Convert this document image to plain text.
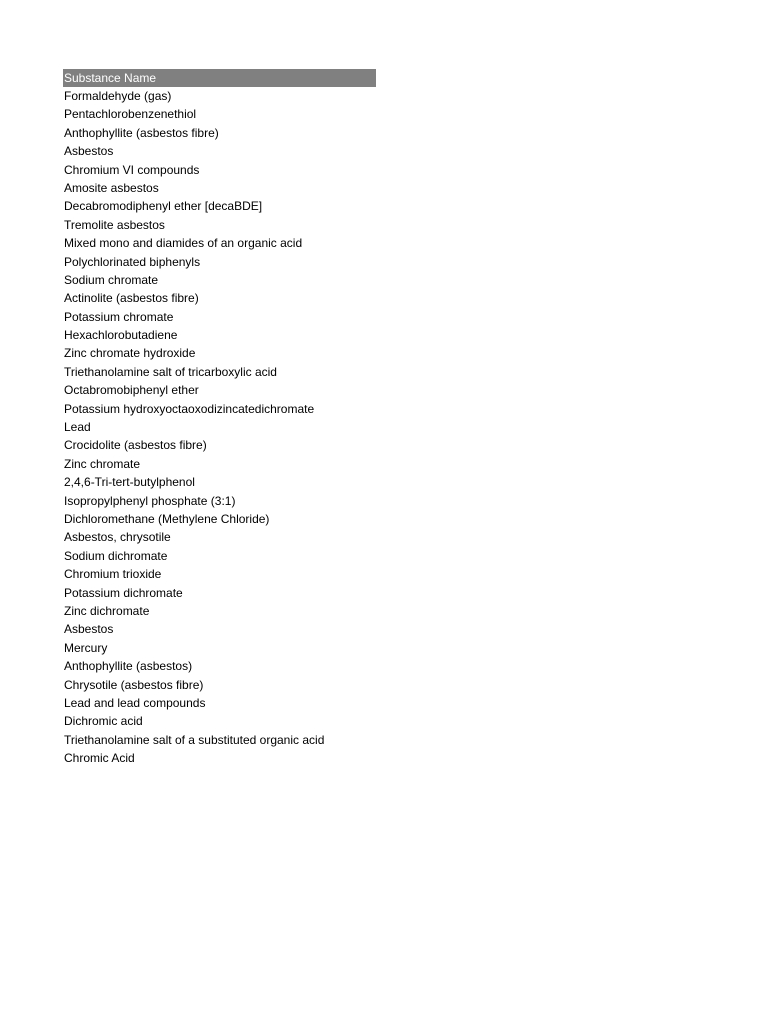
Substance Name
Formaldehyde (gas)
Pentachlorobenzenethiol
Anthophyllite (asbestos fibre)
Asbestos
Chromium VI compounds
Amosite asbestos
Decabromodiphenyl ether [decaBDE]
Tremolite asbestos
Mixed mono and diamides of an organic acid
Polychlorinated biphenyls
Sodium chromate
Actinolite (asbestos fibre)
Potassium chromate
Hexachlorobutadiene
Zinc chromate hydroxide
Triethanolamine salt of tricarboxylic acid
Octabromobiphenyl ether
Potassium hydroxyoctaoxodizincatedichromate
Lead
Crocidolite (asbestos fibre)
Zinc chromate
2,4,6-Tri-tert-butylphenol
Isopropylphenyl phosphate (3:1)
Dichloromethane (Methylene Chloride)
Asbestos, chrysotile
Sodium dichromate
Chromium trioxide
Potassium dichromate
Zinc dichromate
Asbestos
Mercury
Anthophyllite (asbestos)
Chrysotile (asbestos fibre)
Lead and lead compounds
Dichromic acid
Triethanolamine salt of a substituted organic acid
Chromic Acid
